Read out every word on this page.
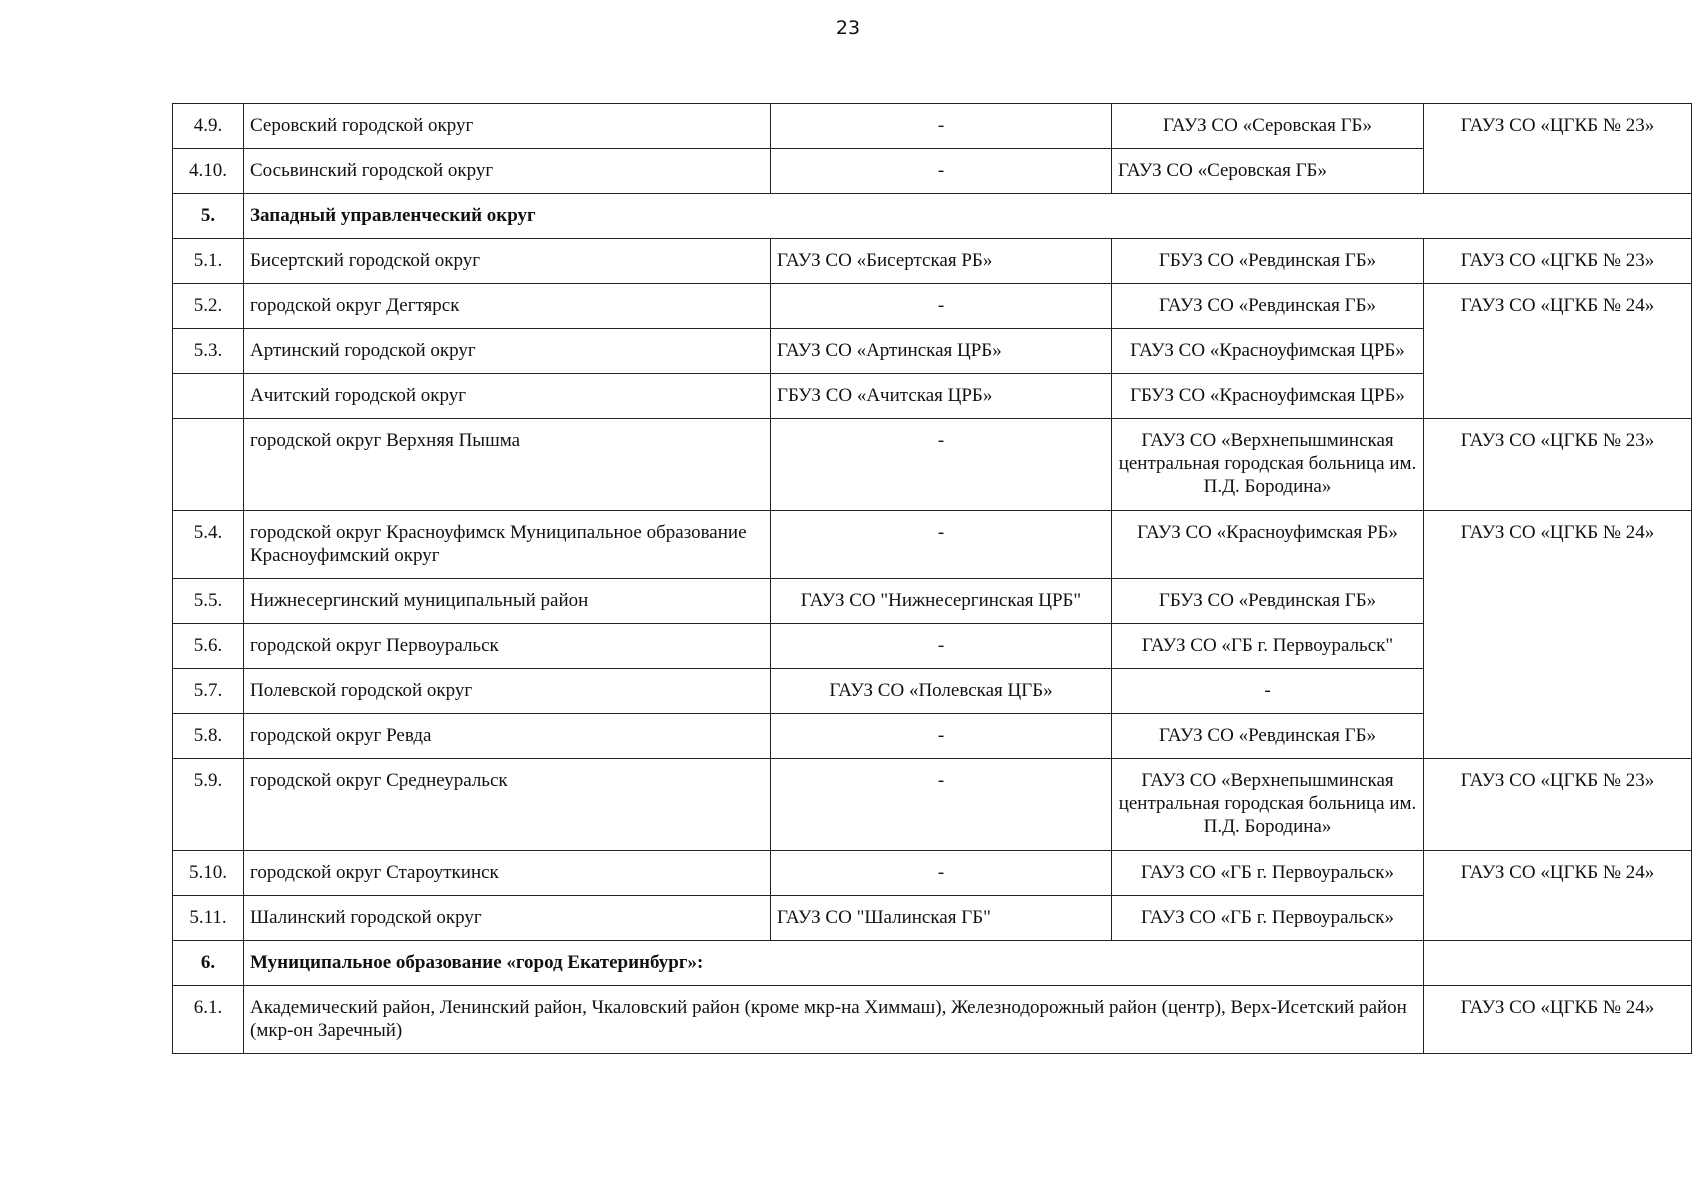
23
4.9.	Серовский городской округ	-	ГАУЗ СО «Серовская ГБ»	ГАУЗ СО «ЦГКБ № 23»
4.10.	Сосьвинский городской округ	-	ГАУЗ СО «Серовская ГБ»	
5.	Западный управленческий округ			
5.1.	Бисертский городской округ	ГАУЗ СО «Бисертская РБ»	ГБУЗ СО «Ревдинская ГБ»	ГАУЗ СО «ЦГКБ № 23»
5.2.	городской округ Дегтярск	-	ГАУЗ СО «Ревдинская ГБ»	ГАУЗ СО «ЦГКБ № 24»
5.3.	Артинский городской округ	ГАУЗ СО «Артинская ЦРБ»	ГАУЗ СО «Красноуфимская ЦРБ»	
	Ачитский городской округ	ГБУЗ СО «Ачитская ЦРБ»	ГБУЗ СО «Красноуфимская ЦРБ»	
	городской округ Верхняя Пышма	-	ГАУЗ СО «Верхнепышминская центральная городская больница им. П.Д. Бородина»	ГАУЗ СО «ЦГКБ № 23»
5.4.	городской округ Красноуфимск Муниципальное образование Красноуфимский округ	-	ГАУЗ СО «Красноуфимская РБ»	ГАУЗ СО «ЦГКБ № 24»
5.5.	Нижнесергинский муниципальный район	ГАУЗ СО "Нижнесергинская ЦРБ"	ГБУЗ СО «Ревдинская ГБ»	
5.6.	городской округ Первоуральск	-	ГАУЗ СО «ГБ г. Первоуральск"	
5.7.	Полевской городской округ	ГАУЗ СО «Полевская ЦГБ»	-	
5.8.	городской округ Ревда	-	ГАУЗ СО «Ревдинская ГБ»	
5.9.	городской округ Среднеуральск	-	ГАУЗ СО «Верхнепышминская центральная городская больница им. П.Д. Бородина»	ГАУЗ СО «ЦГКБ № 23»
5.10.	городской округ Староуткинск	-	ГАУЗ СО «ГБ г. Первоуральск»	ГАУЗ СО «ЦГКБ № 24»
5.11.	Шалинский городской округ	ГАУЗ СО "Шалинская ГБ"	ГАУЗ СО «ГБ г. Первоуральск»	
6.	Муниципальное образование «город Екатеринбург»:			
6.1.	Академический район, Ленинский район, Чкаловский район (кроме мкр-на Химмаш), Железнодорожный район (центр), Верх-Исетский район (мкр-он Заречный)			ГАУЗ СО «ЦГКБ № 24»
